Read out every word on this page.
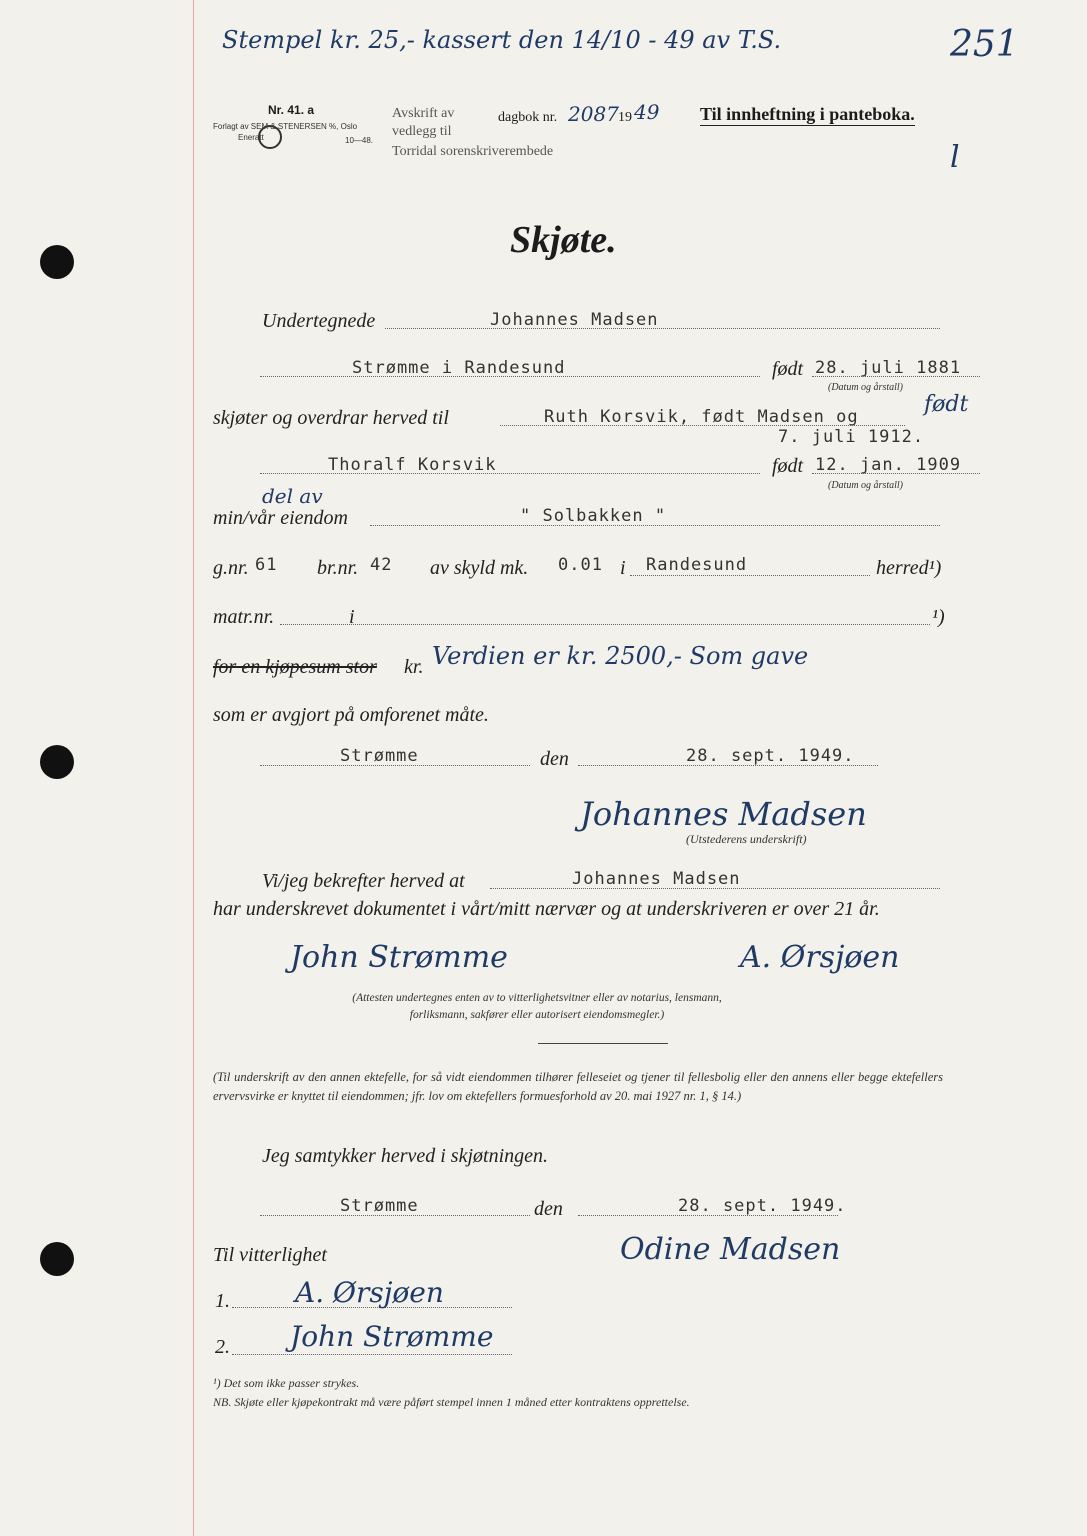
Stempel kr. 25,- kassert den 14/10 - 49 av T.S.	251
Nr. 41. a
Forlagt av SEM & STENERSEN %, Oslo
Eneratt	10—48.
Avskrift av
vedlegg til
Torridal sorenskriverembede
dagbok nr. 2087 19 49 Til innheftning i panteboka.
l
Skjøte.
Undertegnede	Johannes Madsen
Strømme i Randesund	født 28. juli 1881
(Datum og årstall)
skjøter og overdrar herved til	Ruth Korsvik, født Madsen og	født
7. juli 1912.
Thoralf Korsvik	født 12. jan. 1909
(Datum og årstall)
del av
min/vår eiendom	" Solbakken "
g.nr. 61 br.nr. 42 av skyld mk. 0.01 i Randesund	herred¹)
matr.nr.	i	¹)
for en kjøpesum stor kr. Verdien er kr. 2500,- Som gave
som er avgjort på omforenet måte.
Strømme	den	28. sept. 1949.
Johannes Madsen
(Utstederens underskrift)
Vi/jeg bekrefter herved at	Johannes Madsen
har underskrevet dokumentet i vårt/mitt nærvær og at underskriveren er over 21 år.
John Strømme	A. Ørsjøen
(Attesten undertegnes enten av to vitterlighetsvitner eller av notarius, lensmann, forliksmann, sakfører eller autorisert eiendomsmegler.)
(Til underskrift av den annen ektefelle, for så vidt eiendommen tilhører felleseiet og tjener til fellesbolig eller den annens eller begge ektefellers ervervsvirke er knyttet til eiendommen; jfr. lov om ektefellers formuesforhold av 20. mai 1927 nr. 1, § 14.)
Jeg samtykker herved i skjøtningen.
Strømme	den	28. sept. 1949.
Til vitterlighet	Odine Madsen
1. A. Ørsjøen
2. John Strømme
¹) Det som ikke passer strykes.
NB. Skjøte eller kjøpekontrakt må være påført stempel innen 1 måned etter kontraktens opprettelse.
